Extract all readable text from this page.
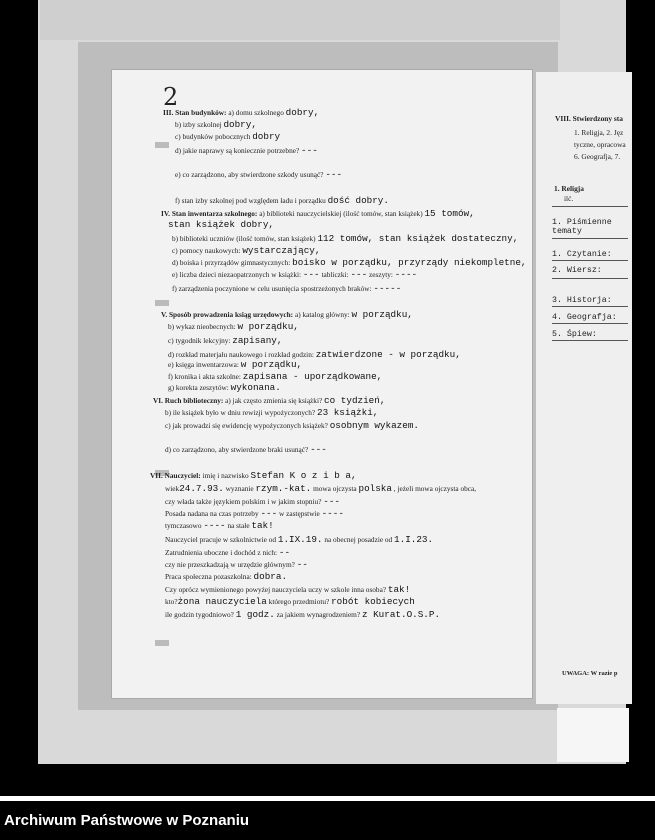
2
III. Stan budynków: a) domu szkolnego dobry,
b) izby szkolnej dobry,
c) budynków pobocznych dobry
d) jakie naprawy są koniecznie potrzebne? ---
e) co zarządzono, aby stwierdzone szkody usunąć? ---
f) stan izby szkolnej pod względem ładu i porządku dość dobry.
IV. Stan inwentarza szkolnego: a) biblioteki nauczycielskiej (ilość tomów, stan książek) 15 tomów,
stan książek dobry,
b) biblioteki uczniów (ilość tomów, stan książek) 112 tomów, stan książek dostateczny,
c) pomocy naukowych: wystarczający,
d) boiska i przyrządów gimnastycznych: boisko w porządku, przyrządy niekompletne,
e) liczba dzieci niezaopatrzonych w książki: --- tabliczki: --- zeszyty: ----
f) zarządzenia poczynione w celu usunięcia spostrzeżonych braków: -----
V. Sposób prowadzenia ksiąg urzędowych: a) katalog główny: w porządku,
b) wykaz nieobecnych: w porządku,
c) tygodnik lekcyjny: zapisany,
d) rozkład materjału naukowego i rozkład godzin: zatwierdzone - w porządku,
e) księga inwentarzowa: w porządku,
f) kronika i akta szkolne: zapisana - uporządkowane,
g) korekta zeszytów: wykonana.
VI. Ruch biblioteczny: a) jak często zmienia się książki? co tydzień,
b) ile książek było w dniu rewizji wypożyczonych? 23 książki,
c) jak prowadzi się ewidencję wypożyczonych książek? osobnym wykazem.
d) co zarządzono, aby stwierdzone braki usunąć? ---
VII. Nauczyciel: imię i nazwisko Stefan K o z i b a,
wiek24.7.93. wyznanie rzym.-kat. mowa ojczysta polska , jeżeli mowa ojczysta obca,
czy włada także językiem polskim i w jakim stopniu? ---
Posada nadana na czas potrzeby --- w zastępstwie ----
tymczasowo ---- na stałe tak!
Nauczyciel pracuje w szkolnictwie od 1.IX.19. na obecnej posadzie od 1.I.23.
Zatrudnienia uboczne i dochód z nich: --
czy nie przeszkadzają w urzędzie głównym? --
Praca społeczna pozaszkolna: dobra.
Czy oprócz wymienionego powyżej nauczyciela uczy w szkole inna osoba? tak!
kto?żona nauczyciela którego przedmiotu? robót kobiecych
ile godzin tygodniowo? 1 godz. za jakiem wynagrodzeniem? z Kurat.O.S.P.
VIII. Stwierdzony sta
1. Religja, 2. Jęz
tyczne, opracowa
6. Geografja, 7.
1. Religja
ilć.
1. Piśmienne tematy
1. Czytanie:
2. Wiersz:
3. Historja:
4. Geografja:
5. Śpiew:
UWAGA: W razie p
Archiwum Państwowe w Poznaniu
